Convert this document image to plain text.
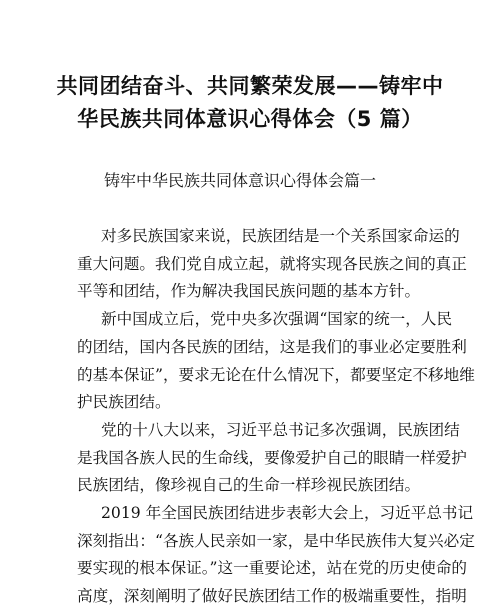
共同团结奋斗、共同繁荣发展——铸牢中
华民族共同体意识心得体会（5 篇）
铸牢中华民族共同体意识心得体会篇一

对多民族国家来说，民族团结是一个关系国家命运的
重大问题。我们党自成立起，就将实现各民族之间的真正
平等和团结，作为解决我国民族问题的基本方针。

新中国成立后，党中央多次强调“国家的统一，人民
的团结，国内各民族的团结，这是我们的事业必定要胜利
的基本保证”，要求无论在什么情况下，都要坚定不移地维
护民族团结。

党的十八大以来，习近平总书记多次强调，民族团结
是我国各族人民的生命线，要像爱护自己的眼睛一样爱护
民族团结，像珍视自己的生命一样珍视民族团结。

2019 年全国民族团结进步表彰大会上，习近平总书记
深刻指出：“各族人民亲如一家，是中华民族伟大复兴必定
要实现的根本保证。”这一重要论述，站在党的历史使命的
高度，深刻阐明了做好民族团结工作的极端重要性，指明
